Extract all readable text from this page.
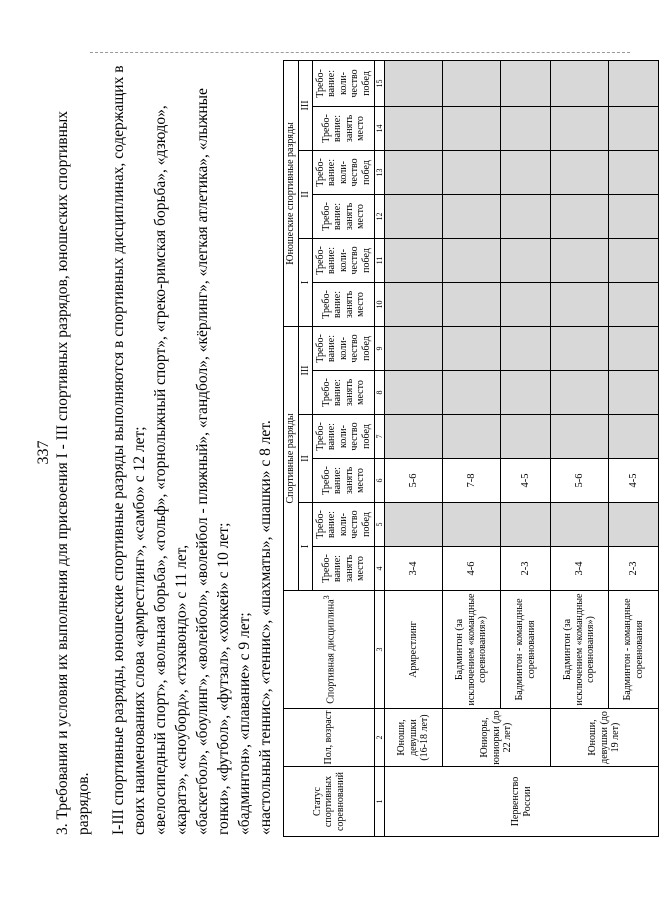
337 3. Требования и условия их выполнения для присвоения I - III спортивных разрядов, юношеских спортивных разрядов. I-III спортивные разряды, юношеские спортивные разряды выполняются в спортивных дисциплинах, содержащих в своих наименованиях слова «армрестлинг», «самбо» с 12 лет; «велосипедный спорт», «вольная борьба», «гольф», «горнолыжный спорт», «греко-римская борьба», «дзюдо», «каратэ», «сноуборд», «тхэквондо» с 11 лет, «баскетбол», «боулинг», «волейбол», «волейбол - пляжный», «гандбол», «кёрлинг», «легкая атлетика», «лыжные гонки», «футбол», «футзал», «хоккей» с 10 лет; «бадминтон», «плавание» с 9 лет; «настольный теннис», «теннис», «шахматы», «шашки» с 8 лет.	Статус спортивных соревнований	Пол, возраст	Спортивная дисциплина$^3$	Спортивные разряды						Юношеские спортивные разряды					
			I		II		III		I		II		III	
			Требо-вание: занять место	Требо-вание: коли-чество побед	Требо-вание: занять место	Требо-вание: коли-чество побед	Требо-вание: занять место	Требо-вание: коли-чество побед	Требо-вание: занять место	Требо-вание: коли-чество побед	Требо-вание: занять место	Требо-вание: коли-чество побед	Требо-вание: занять место	Требо-вание: коли-чество побед
1	2	3	4	5	6	7	8	9	10	11	12	13	14	15
Первенство России	Юноши, девушки (16-18 лет)	Армрестлинг	3-4		5-6									
	Юниоры, юниорки (до 22 лет)	Бадминтон (за исключением «командные соревнования»)	4-6		7-8									
		Бадминтон - командные соревнования	2-3		4-5									
	Юноши, девушки (до 19 лет)	Бадминтон (за исключением «командные соревнования»)	3-4		5-6									
		Бадминтон - командные соревнования	2-3		4-5									
